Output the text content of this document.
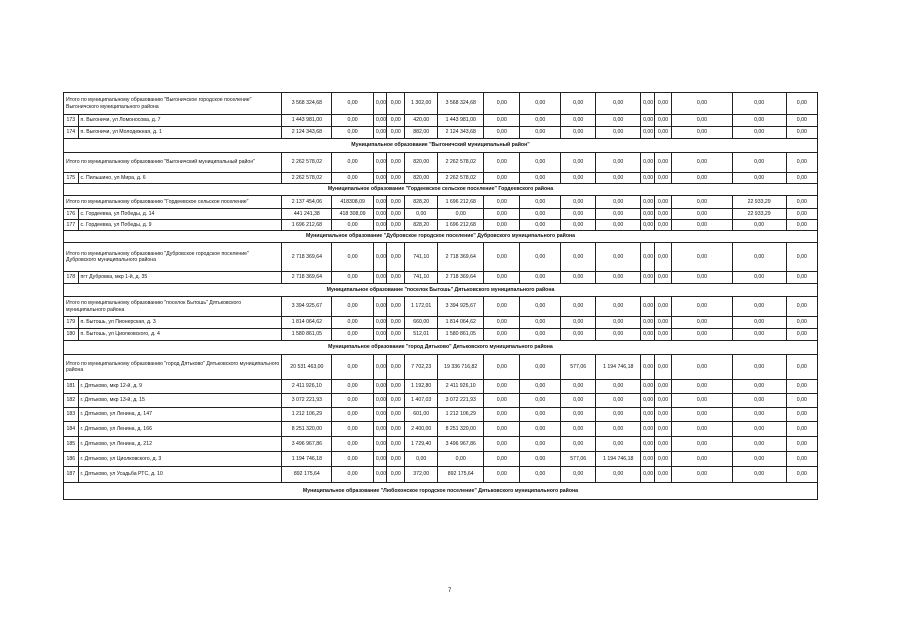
Итого по муниципальному образованию "Выгоничское городское поселение" Выгоничского муниципального района		3 568 324,68	0,00	0,00	0,00	1 302,00	3 568 324,68	0,00	0,00	0,00	0,00	0,00	0,00	0,00	0,00	0,00
173	п. Выгоничи, ул Ломоносова, д. 7	1 443 981,00	0,00	0,00	0,00	420,00	1 443 981,00	0,00	0,00	0,00	0,00	0,00	0,00	0,00	0,00	0,00
174	п. Выгоничи, ул Молодежная, д. 1	2 124 343,68	0,00	0,00	0,00	882,00	2 124 343,68	0,00	0,00	0,00	0,00	0,00	0,00	0,00	0,00	0,00
Муниципальное образование "Выгоничский муниципальный район"																
Итого по муниципальному образованию "Выгоничский муниципальный район"		2 262 578,02	0,00	0,00	0,00	820,00	2 262 578,02	0,00	0,00	0,00	0,00	0,00	0,00	0,00	0,00	0,00
175	с. Пильшино, ул Мира, д. 6	2 262 578,02	0,00	0,00	0,00	820,00	2 262 578,02	0,00	0,00	0,00	0,00	0,00	0,00	0,00	0,00	0,00
Муниципальное образование "Гордеевское сельское поселение" Гордеевского района																
Итого по муниципальному образованию "Гордеевское сельское поселение"		2 137 454,06	418308,09	0,00	0,00	828,20	1 696 212,68	0,00	0,00	0,00	0,00	0,00	0,00	0,00	22 933,29	0,00
176	с. Гордеевка, ул Победы, д. 14	441 241,38	418 308,09	0,00	0,00	0,00	0,00	0,00	0,00	0,00	0,00	0,00	0,00	0,00	22 933,29	0,00
177	с. Гордеевка, ул Победы, д. 9	1 696 212,68	0,00	0,00	0,00	828,20	1 696 212,68	0,00	0,00	0,00	0,00	0,00	0,00	0,00	0,00	0,00
Муниципальное образование "Дубровское городское поселение" Дубровского муниципального района																
Итого по муниципальному образованию "Дубровское городское поселение" Дубровского муниципального района		2 718 369,64	0,00	0,00	0,00	741,10	2 718 369,64	0,00	0,00	0,00	0,00	0,00	0,00	0,00	0,00	0,00
178	пгт Дубровка, мкр 1-й, д. 35	2 718 369,64	0,00	0,00	0,00	741,10	2 718 369,64	0,00	0,00	0,00	0,00	0,00	0,00	0,00	0,00	0,00
Муниципальное образование "поселок Бытошь" Дятьковского муниципального района																
Итого по муниципальному образованию "поселок Бытошь" Дятьковского муниципального района		3 394 925,67	0,00	0,00	0,00	1 172,01	3 394 925,67	0,00	0,00	0,00	0,00	0,00	0,00	0,00	0,00	0,00
179	п. Бытошь, ул Пионерская, д. 3	1 814 064,62	0,00	0,00	0,00	660,00	1 814 064,62	0,00	0,00	0,00	0,00	0,00	0,00	0,00	0,00	0,00
180	п. Бытошь, ул Циолковского, д. 4	1 580 861,05	0,00	0,00	0,00	512,01	1 580 861,05	0,00	0,00	0,00	0,00	0,00	0,00	0,00	0,00	0,00
Муниципальное образование "город Дятьково" Дятьковского муниципального района																
Итого по муниципальному образованию "город Дятьково" Дятьковского муниципального района		20 531 463,00	0,00	0,00	0,00	7 702,23	19 336 716,82	0,00	0,00	577,06	1 194 746,18	0,00	0,00	0,00	0,00	0,00
181	г. Дятьково, мкр 12-й, д. 9	2 411 926,10	0,00	0,00	0,00	1 192,80	2 411 926,10	0,00	0,00	0,00	0,00	0,00	0,00	0,00	0,00	0,00
182	г. Дятьково, мкр 13-й, д. 15	3 072 221,93	0,00	0,00	0,00	1 407,03	3 072 221,93	0,00	0,00	0,00	0,00	0,00	0,00	0,00	0,00	0,00
183	г. Дятьково, ул Ленина, д. 147	1 212 106,29	0,00	0,00	0,00	601,00	1 212 106,29	0,00	0,00	0,00	0,00	0,00	0,00	0,00	0,00	0,00
184	г. Дятьково, ул Ленина, д. 166	8 251 320,00	0,00	0,00	0,00	2 400,00	8 251 320,00	0,00	0,00	0,00	0,00	0,00	0,00	0,00	0,00	0,00
185	г. Дятьково, ул Ленина, д. 212	3 496 967,86	0,00	0,00	0,00	1 729,40	3 496 967,86	0,00	0,00	0,00	0,00	0,00	0,00	0,00	0,00	0,00
186	г. Дятьково, ул Циолковского, д. 3	1 194 746,18	0,00	0,00	0,00	0,00	0,00	0,00	0,00	577,06	1 194 746,18	0,00	0,00	0,00	0,00	0,00
187	г. Дятьково, ул Усадьба РТС, д. 10	892 175,64	0,00	0,00	0,00	372,00	892 175,64	0,00	0,00	0,00	0,00	0,00	0,00	0,00	0,00	0,00
Муниципальное образование "Любохонское городское поселение" Дятьковского муниципального района																
7
